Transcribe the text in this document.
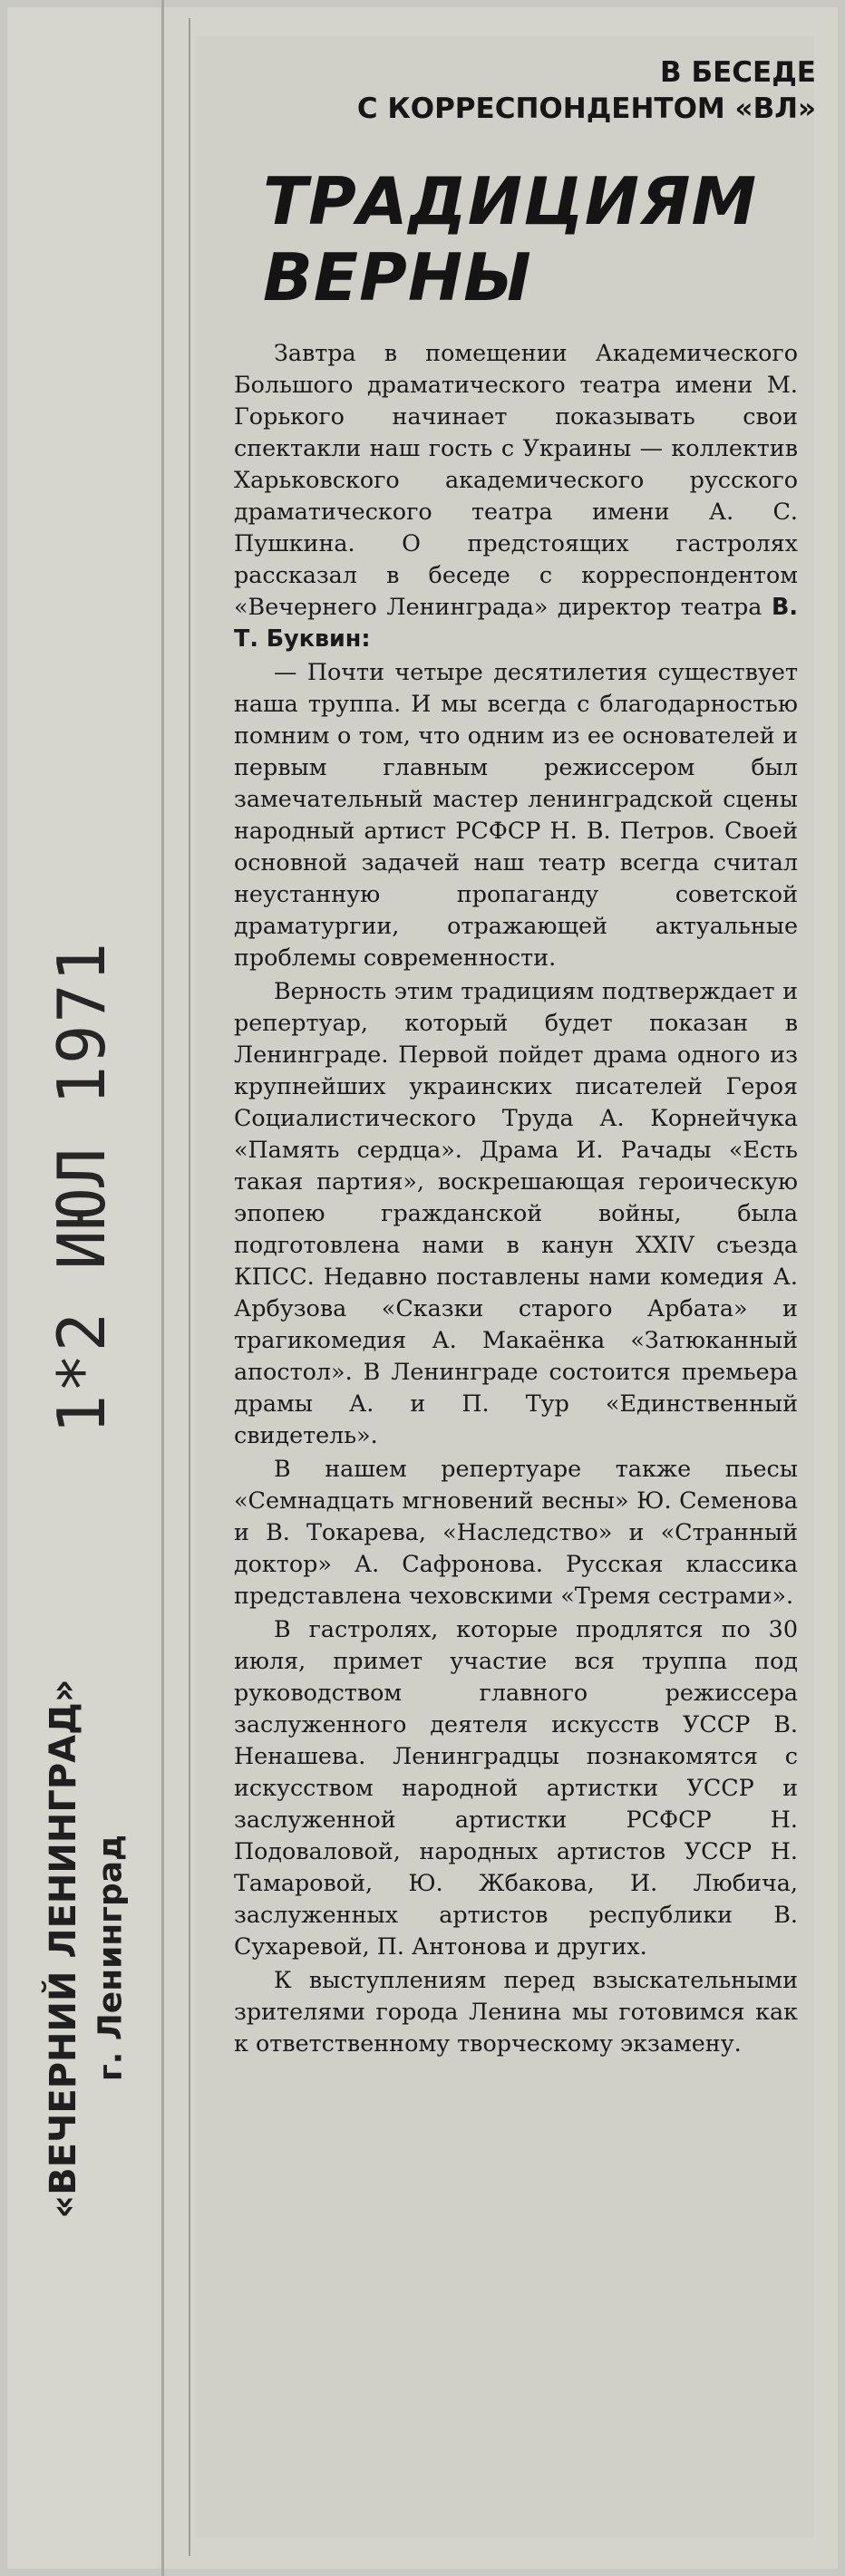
1*2 ИЮЛ 1971
«ВЕЧЕРНИЙ ЛЕНИНГРАД» г. Ленинград
В БЕСЕДЕ
С КОРРЕСПОНДЕНТОМ «ВЛ»
ТРАДИЦИЯМ
ВЕРНЫ

Завтра в помещении Академического Большого драматического театра имени М. Горького начинает показывать свои спектакли наш гость с Украины — коллектив Харьковского академического русского драматического театра имени А. С. Пушкина. О предстоящих гастролях рассказал в беседе с корреспондентом «Вечернего Ленинграда» директор театра В. Т. Буквин:

— Почти четыре десятилетия существует наша труппа. И мы всегда с благодарностью помним о том, что одним из ее основателей и первым главным режиссером был замечательный мастер ленинградской сцены народный артист РСФСР Н. В. Петров. Своей основной задачей наш театр всегда считал неустанную пропаганду советской драматургии, отражающей актуальные проблемы современности.

Верность этим традициям подтверждает и репертуар, который будет показан в Ленинграде. Первой пойдет драма одного из крупнейших украинских писателей Героя Социалистического Труда А. Корнейчука «Память сердца». Драма И. Рачады «Есть такая партия», воскрешающая героическую эпопею гражданской войны, была подготовлена нами в канун XXIV съезда КПСС. Недавно поставлены нами комедия А. Арбузова «Сказки старого Арбата» и трагикомедия А. Макаёнка «Затюканный апостол». В Ленинграде состоится премьера драмы А. и П. Тур «Единственный свидетель».

В нашем репертуаре также пьесы «Семнадцать мгновений весны» Ю. Семенова и В. Токарева, «Наследство» и «Странный доктор» А. Сафронова. Русская классика представлена чеховскими «Тремя сестрами».

В гастролях, которые продлятся по 30 июля, примет участие вся труппа под руководством главного режиссера заслуженного деятеля искусств УССР В. Ненашева. Ленинградцы познакомятся с искусством народной артистки УССР и заслуженной артистки РСФСР Н. Подоваловой, народных артистов УССР Н. Тамаровой, Ю. Жбакова, И. Любича, заслуженных артистов республики В. Сухаревой, П. Антонова и других.

К выступлениям перед взыскательными зрителями города Ленина мы готовимся как к ответственному творческому экзамену.
